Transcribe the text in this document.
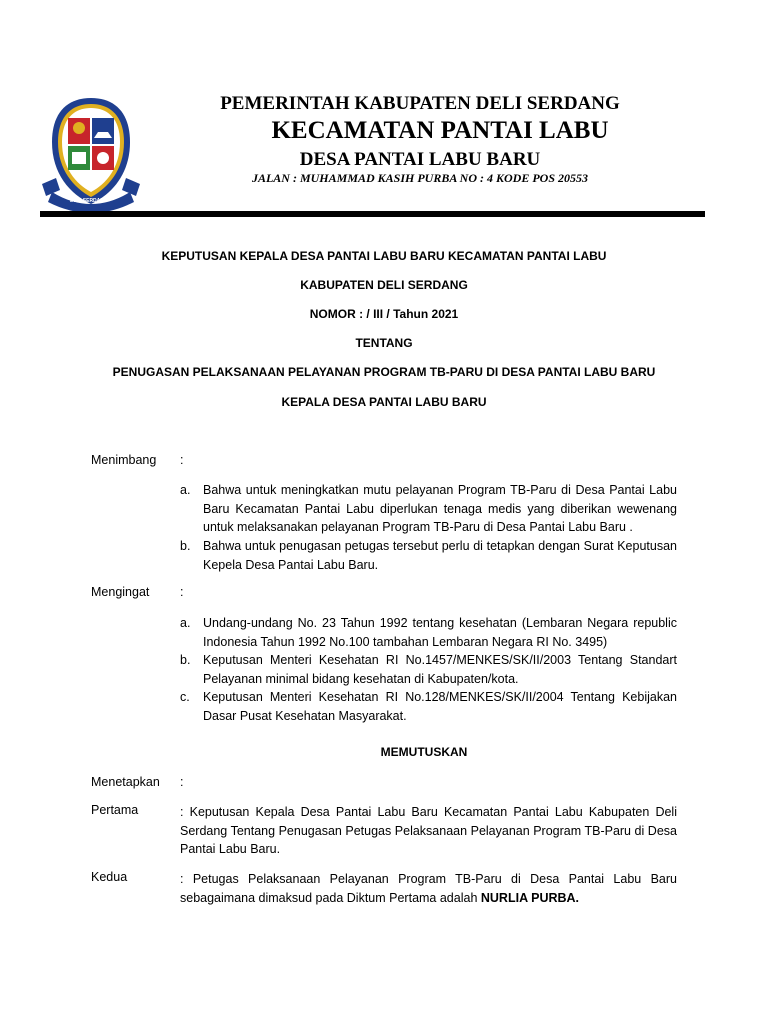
DELI SERDANG
PEMERINTAH KABUPATEN DELI SERDANG
KECAMATAN PANTAI LABU
DESA PANTAI LABU BARU
JALAN : MUHAMMAD KASIH PURBA NO : 4 KODE POS 20553
KEPUTUSAN KEPALA DESA PANTAI LABU BARU KECAMATAN PANTAI LABU
KABUPATEN DELI SERDANG
NOMOR : / III / Tahun 2021
TENTANG
PENUGASAN PELAKSANAAN PELAYANAN PROGRAM TB-PARU DI DESA PANTAI LABU BARU
KEPALA DESA PANTAI LABU BARU
Menimbang :
a. Bahwa untuk meningkatkan mutu pelayanan Program TB-Paru di Desa Pantai Labu Baru Kecamatan Pantai Labu diperlukan tenaga medis yang diberikan wewenang untuk melaksanakan pelayanan Program TB-Paru di Desa Pantai Labu Baru .
b. Bahwa untuk penugasan petugas tersebut perlu di tetapkan dengan Surat Keputusan Kepela Desa Pantai Labu Baru.
Mengingat :
a. Undang-undang No. 23 Tahun 1992 tentang kesehatan (Lembaran Negara republic Indonesia Tahun 1992 No.100 tambahan Lembaran Negara RI No. 3495)
b. Keputusan Menteri Kesehatan RI No.1457/MENKES/SK/II/2003 Tentang Standart Pelayanan minimal bidang kesehatan di Kabupaten/kota.
c. Keputusan Menteri Kesehatan RI No.128/MENKES/SK/II/2004 Tentang Kebijakan Dasar Pusat Kesehatan Masyarakat.
MEMUTUSKAN
Menetapkan :
Pertama	: Keputusan Kepala Desa Pantai Labu Baru Kecamatan Pantai Labu Kabupaten Deli Serdang Tentang Penugasan Petugas Pelaksanaan Pelayanan Program TB-Paru di Desa Pantai Labu Baru.
Kedua	: Petugas Pelaksanaan Pelayanan Program TB-Paru di Desa Pantai Labu Baru sebagaimana dimaksud pada Diktum Pertama adalah NURLIA PURBA.
